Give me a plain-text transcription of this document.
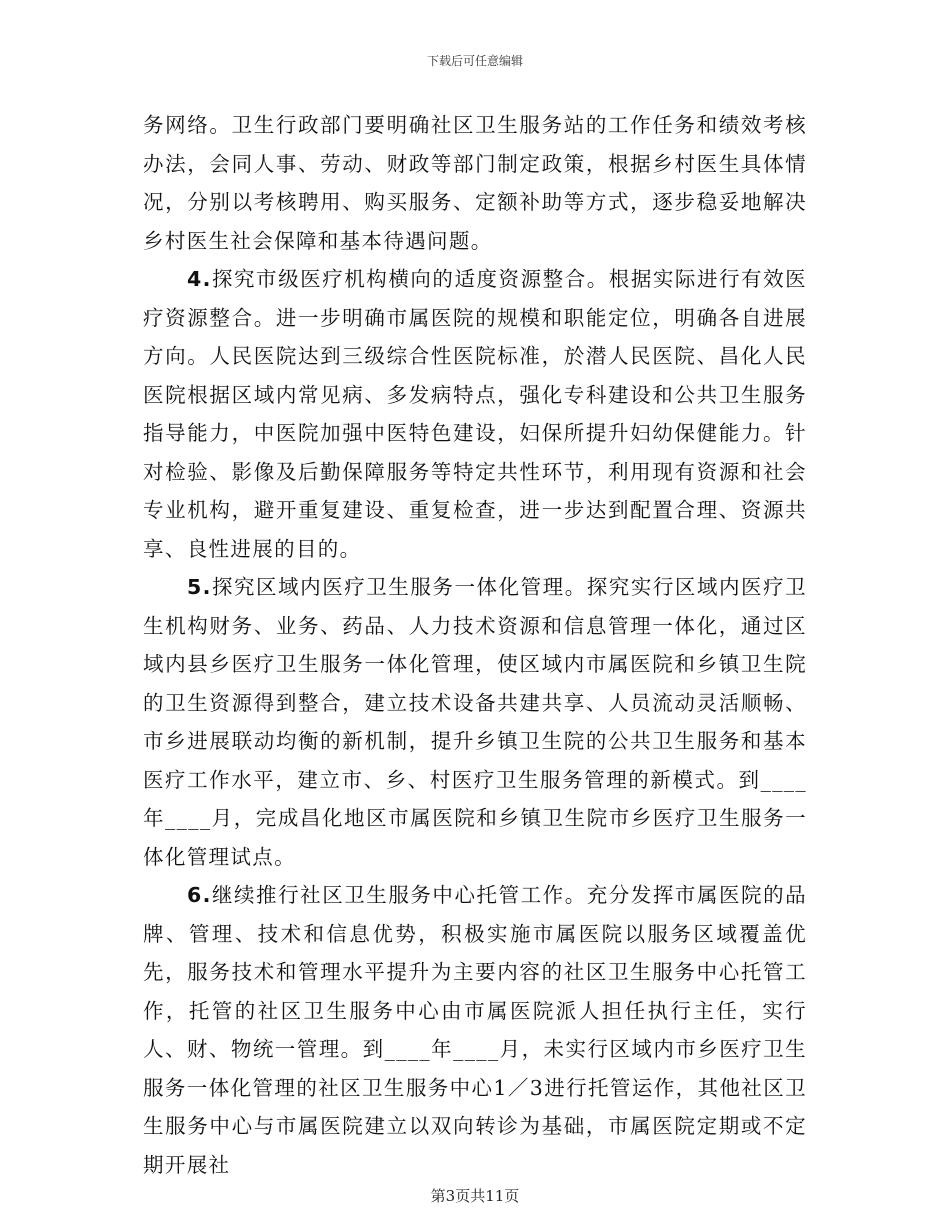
下载后可任意编辑

务网络。卫生行政部门要明确社区卫生服务站的工作任务和绩效考核办法，会同人事、劳动、财政等部门制定政策，根据乡村医生具体情况，分别以考核聘用、购买服务、定额补助等方式，逐步稳妥地解决乡村医生社会保障和基本待遇问题。

4.探究市级医疗机构横向的适度资源整合。根据实际进行有效医疗资源整合。进一步明确市属医院的规模和职能定位，明确各自进展方向。人民医院达到三级综合性医院标准，於潜人民医院、昌化人民医院根据区域内常见病、多发病特点，强化专科建设和公共卫生服务指导能力，中医院加强中医特色建设，妇保所提升妇幼保健能力。针对检验、影像及后勤保障服务等特定共性环节，利用现有资源和社会专业机构，避开重复建设、重复检查，进一步达到配置合理、资源共享、良性进展的目的。

5.探究区域内医疗卫生服务一体化管理。探究实行区域内医疗卫生机构财务、业务、药品、人力技术资源和信息管理一体化，通过区域内县乡医疗卫生服务一体化管理，使区域内市属医院和乡镇卫生院的卫生资源得到整合，建立技术设备共建共享、人员流动灵活顺畅、市乡进展联动均衡的新机制，提升乡镇卫生院的公共卫生服务和基本医疗工作水平，建立市、乡、村医疗卫生服务管理的新模式。到____年____月，完成昌化地区市属医院和乡镇卫生院市乡医疗卫生服务一体化管理试点。

6.继续推行社区卫生服务中心托管工作。充分发挥市属医院的品牌、管理、技术和信息优势，积极实施市属医院以服务区域覆盖优先，服务技术和管理水平提升为主要内容的社区卫生服务中心托管工作，托管的社区卫生服务中心由市属医院派人担任执行主任，实行人、财、物统一管理。到____年____月，未实行区域内市乡医疗卫生服务一体化管理的社区卫生服务中心1／3进行托管运作，其他社区卫生服务中心与市属医院建立以双向转诊为基础，市属医院定期或不定期开展社

第3页共11页
